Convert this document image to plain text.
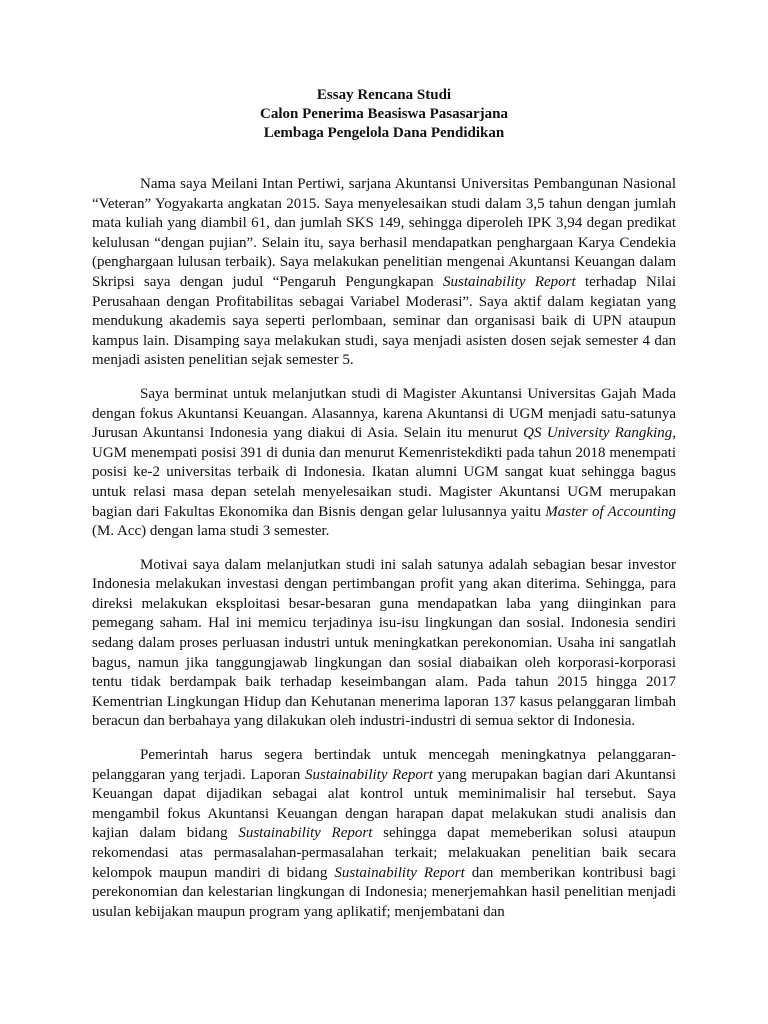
Essay Rencana Studi
Calon Penerima Beasiswa Pasasarjana
Lembaga Pengelola Dana Pendidikan

Nama saya Meilani Intan Pertiwi, sarjana Akuntansi Universitas Pembangunan Nasional “Veteran” Yogyakarta angkatan 2015. Saya menyelesaikan studi dalam 3,5 tahun dengan jumlah mata kuliah yang diambil 61, dan jumlah SKS 149, sehingga diperoleh IPK 3,94 degan predikat kelulusan “dengan pujian”. Selain itu, saya berhasil mendapatkan penghargaan Karya Cendekia (penghargaan lulusan terbaik). Saya melakukan penelitian mengenai Akuntansi Keuangan dalam Skripsi saya dengan judul “Pengaruh Pengungkapan Sustainability Report terhadap Nilai Perusahaan dengan Profitabilitas sebagai Variabel Moderasi”. Saya aktif dalam kegiatan yang mendukung akademis saya seperti perlombaan, seminar dan organisasi baik di UPN ataupun kampus lain. Disamping saya melakukan studi, saya menjadi asisten dosen sejak semester 4 dan menjadi asisten penelitian sejak semester 5.

Saya berminat untuk melanjutkan studi di Magister Akuntansi Universitas Gajah Mada dengan fokus Akuntansi Keuangan. Alasannya, karena Akuntansi di UGM menjadi satu-satunya Jurusan Akuntansi Indonesia yang diakui di Asia. Selain itu menurut QS University Rangking, UGM menempati posisi 391 di dunia dan menurut Kemenristekdikti pada tahun 2018 menempati posisi ke-2 universitas terbaik di Indonesia. Ikatan alumni UGM sangat kuat sehingga bagus untuk relasi masa depan setelah menyelesaikan studi. Magister Akuntansi UGM merupakan bagian dari Fakultas Ekonomika dan Bisnis dengan gelar lulusannya yaitu Master of Accounting (M. Acc) dengan lama studi 3 semester.

Motivai saya dalam melanjutkan studi ini salah satunya adalah sebagian besar investor Indonesia melakukan investasi dengan pertimbangan profit yang akan diterima. Sehingga, para direksi melakukan eksploitasi besar-besaran guna mendapatkan laba yang diinginkan para pemegang saham. Hal ini memicu terjadinya isu-isu lingkungan dan sosial. Indonesia sendiri sedang dalam proses perluasan industri untuk meningkatkan perekonomian. Usaha ini sangatlah bagus, namun jika tanggungjawab lingkungan dan sosial diabaikan oleh korporasi-korporasi tentu tidak berdampak baik terhadap keseimbangan alam. Pada tahun 2015 hingga 2017 Kementrian Lingkungan Hidup dan Kehutanan menerima laporan 137 kasus pelanggaran limbah beracun dan berbahaya yang dilakukan oleh industri-industri di semua sektor di Indonesia.

Pemerintah harus segera bertindak untuk mencegah meningkatnya pelanggaran-pelanggaran yang terjadi. Laporan Sustainability Report yang merupakan bagian dari Akuntansi Keuangan dapat dijadikan sebagai alat kontrol untuk meminimalisir hal tersebut. Saya mengambil fokus Akuntansi Keuangan dengan harapan dapat melakukan studi analisis dan kajian dalam bidang Sustainability Report sehingga dapat memeberikan solusi ataupun rekomendasi atas permasalahan-permasalahan terkait; melakuakan penelitian baik secara kelompok maupun mandiri di bidang Sustainability Report dan memberikan kontribusi bagi perekonomian dan kelestarian lingkungan di Indonesia; menerjemahkan hasil penelitian menjadi usulan kebijakan maupun program yang aplikatif; menjembatani dan
